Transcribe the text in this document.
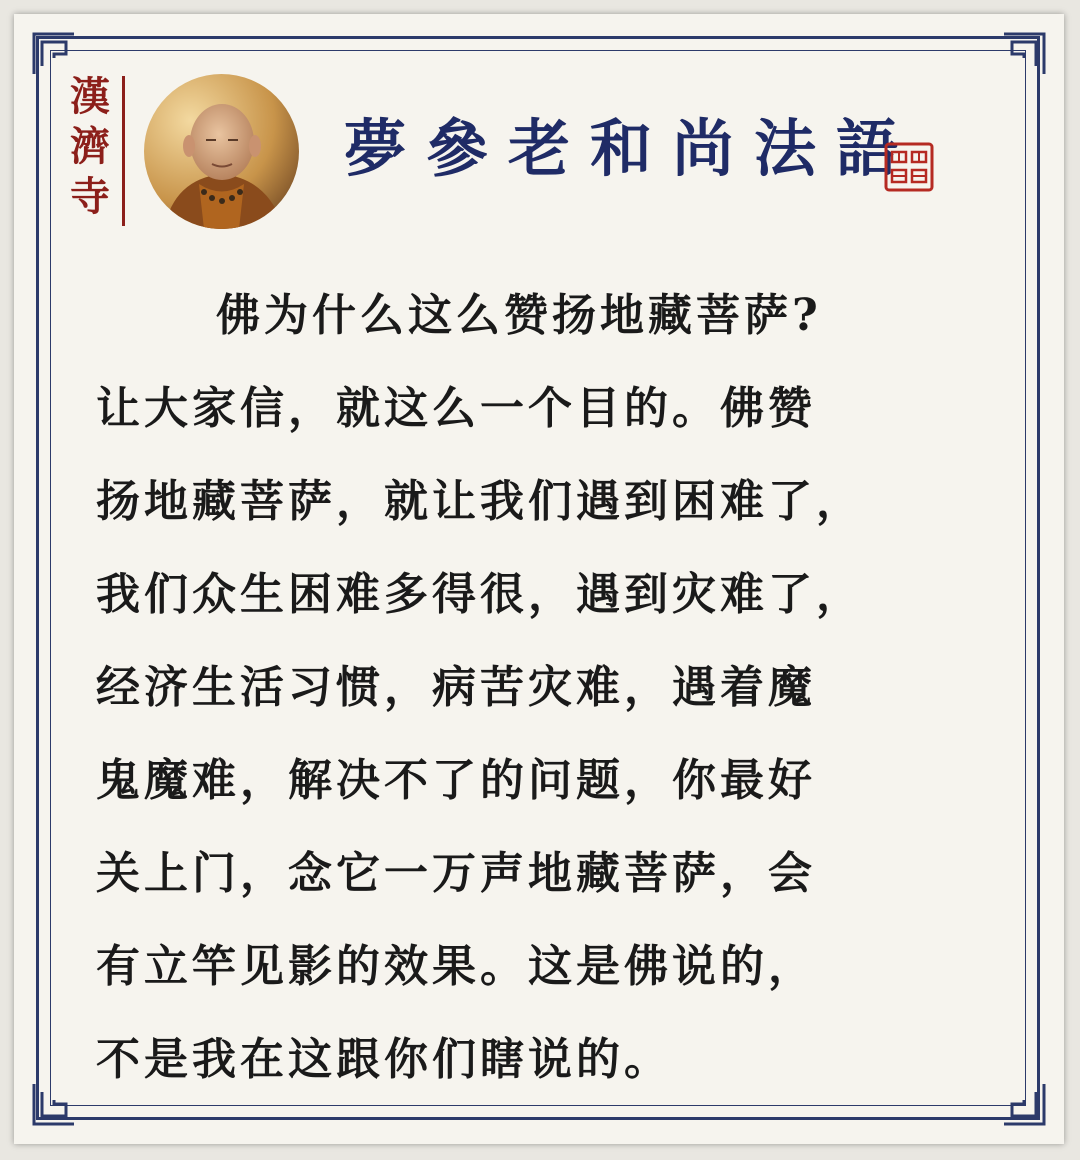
漢
濟
寺
夢參老和尚法語
佛为什么这么赞扬地藏菩萨?
让大家信，就这么一个目的。佛赞
扬地藏菩萨，就让我们遇到困难了，
我们众生困难多得很，遇到灾难了，
经济生活习惯，病苦灾难，遇着魔
鬼魔难，解决不了的问题，你最好
关上门，念它一万声地藏菩萨，会
有立竿见影的效果。这是佛说的，
不是我在这跟你们瞎说的。
